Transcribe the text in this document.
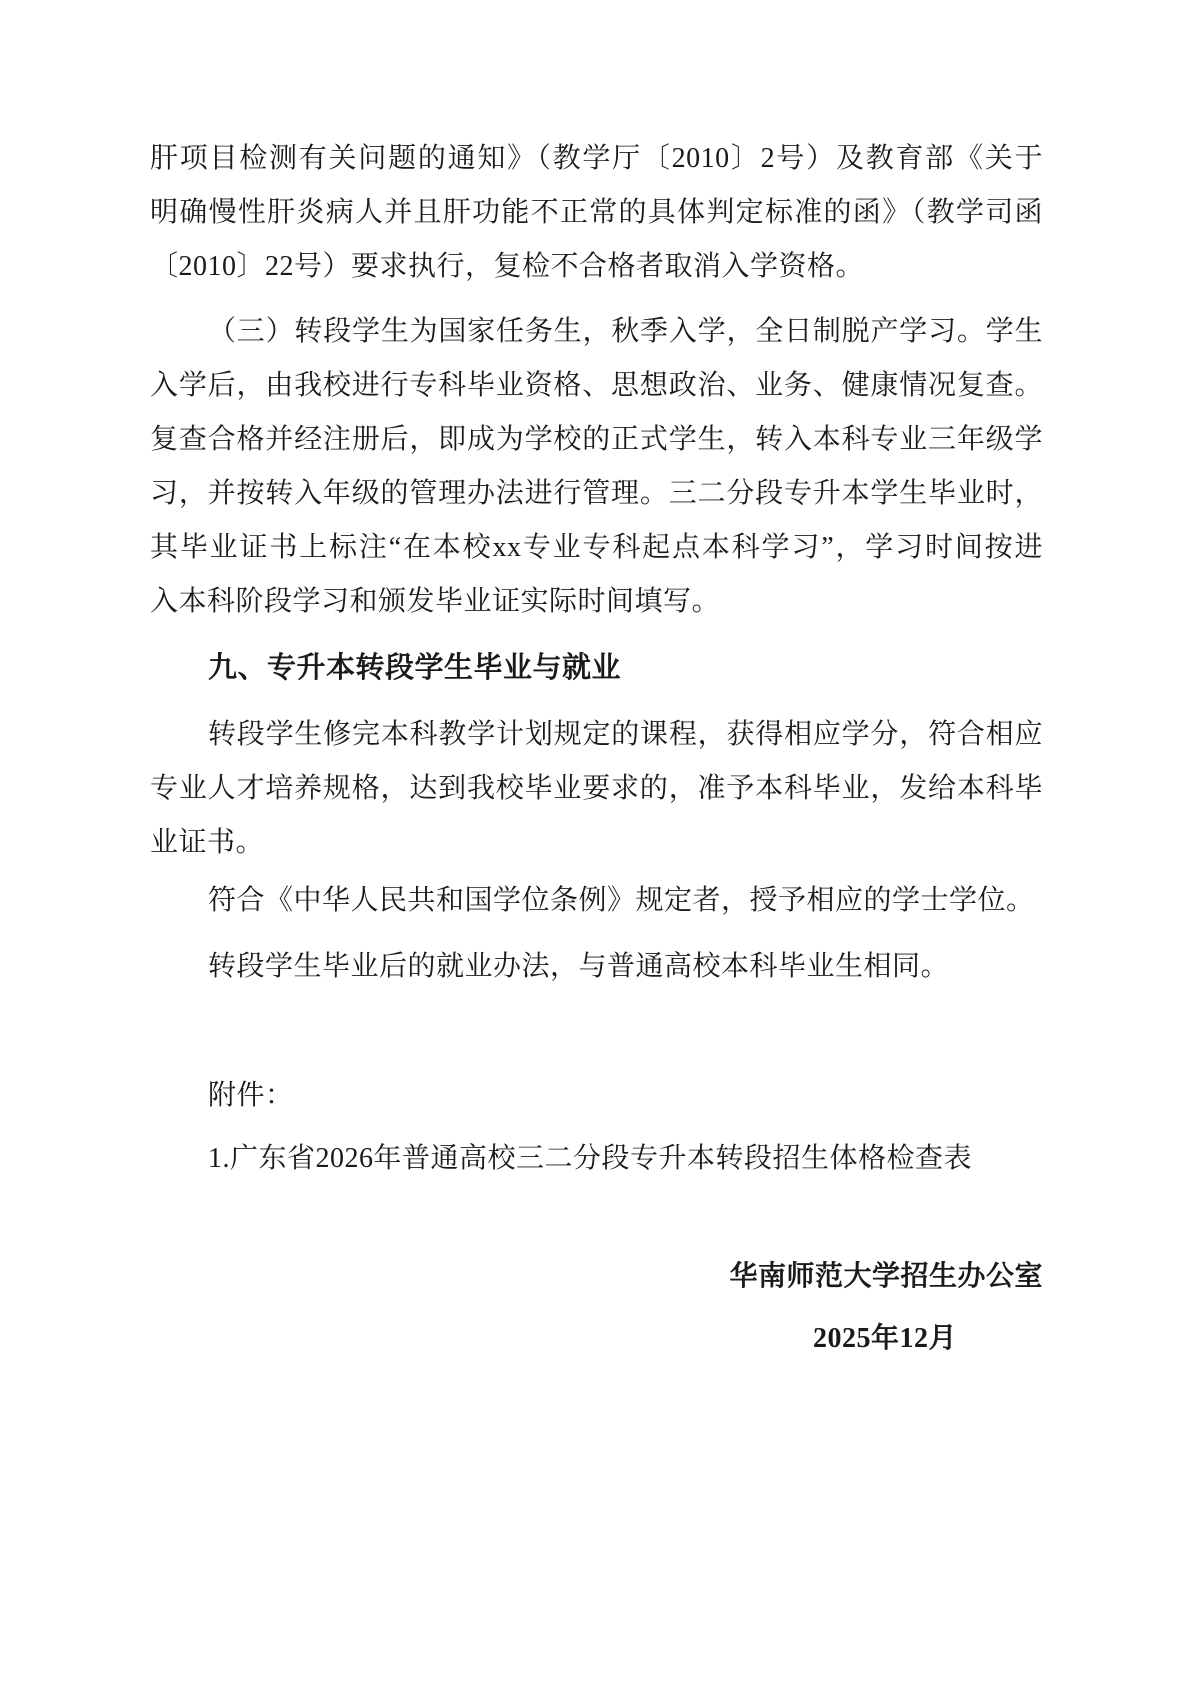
肝项目检测有关问题的通知》（教学厅〔2010〕2号）及教育部《关于

明确慢性肝炎病人并且肝功能不正常的具体判定标准的函》（教学司函

〔2010〕22号）要求执行，复检不合格者取消入学资格。

（三）转段学生为国家任务生，秋季入学，全日制脱产学习。学生

入学后，由我校进行专科毕业资格、思想政治、业务、健康情况复查。

复查合格并经注册后，即成为学校的正式学生，转入本科专业三年级学

习，并按转入年级的管理办法进行管理。三二分段专升本学生毕业时，

其毕业证书上标注“在本校xx专业专科起点本科学习”，学习时间按进

入本科阶段学习和颁发毕业证实际时间填写。

九、专升本转段学生毕业与就业

转段学生修完本科教学计划规定的课程，获得相应学分，符合相应

专业人才培养规格，达到我校毕业要求的，准予本科毕业，发给本科毕

业证书。

符合《中华人民共和国学位条例》规定者，授予相应的学士学位。

转段学生毕业后的就业办法，与普通高校本科毕业生相同。

附件：

1.广东省2026年普通高校三二分段专升本转段招生体格检查表

华南师范大学招生办公室

2025年12月
